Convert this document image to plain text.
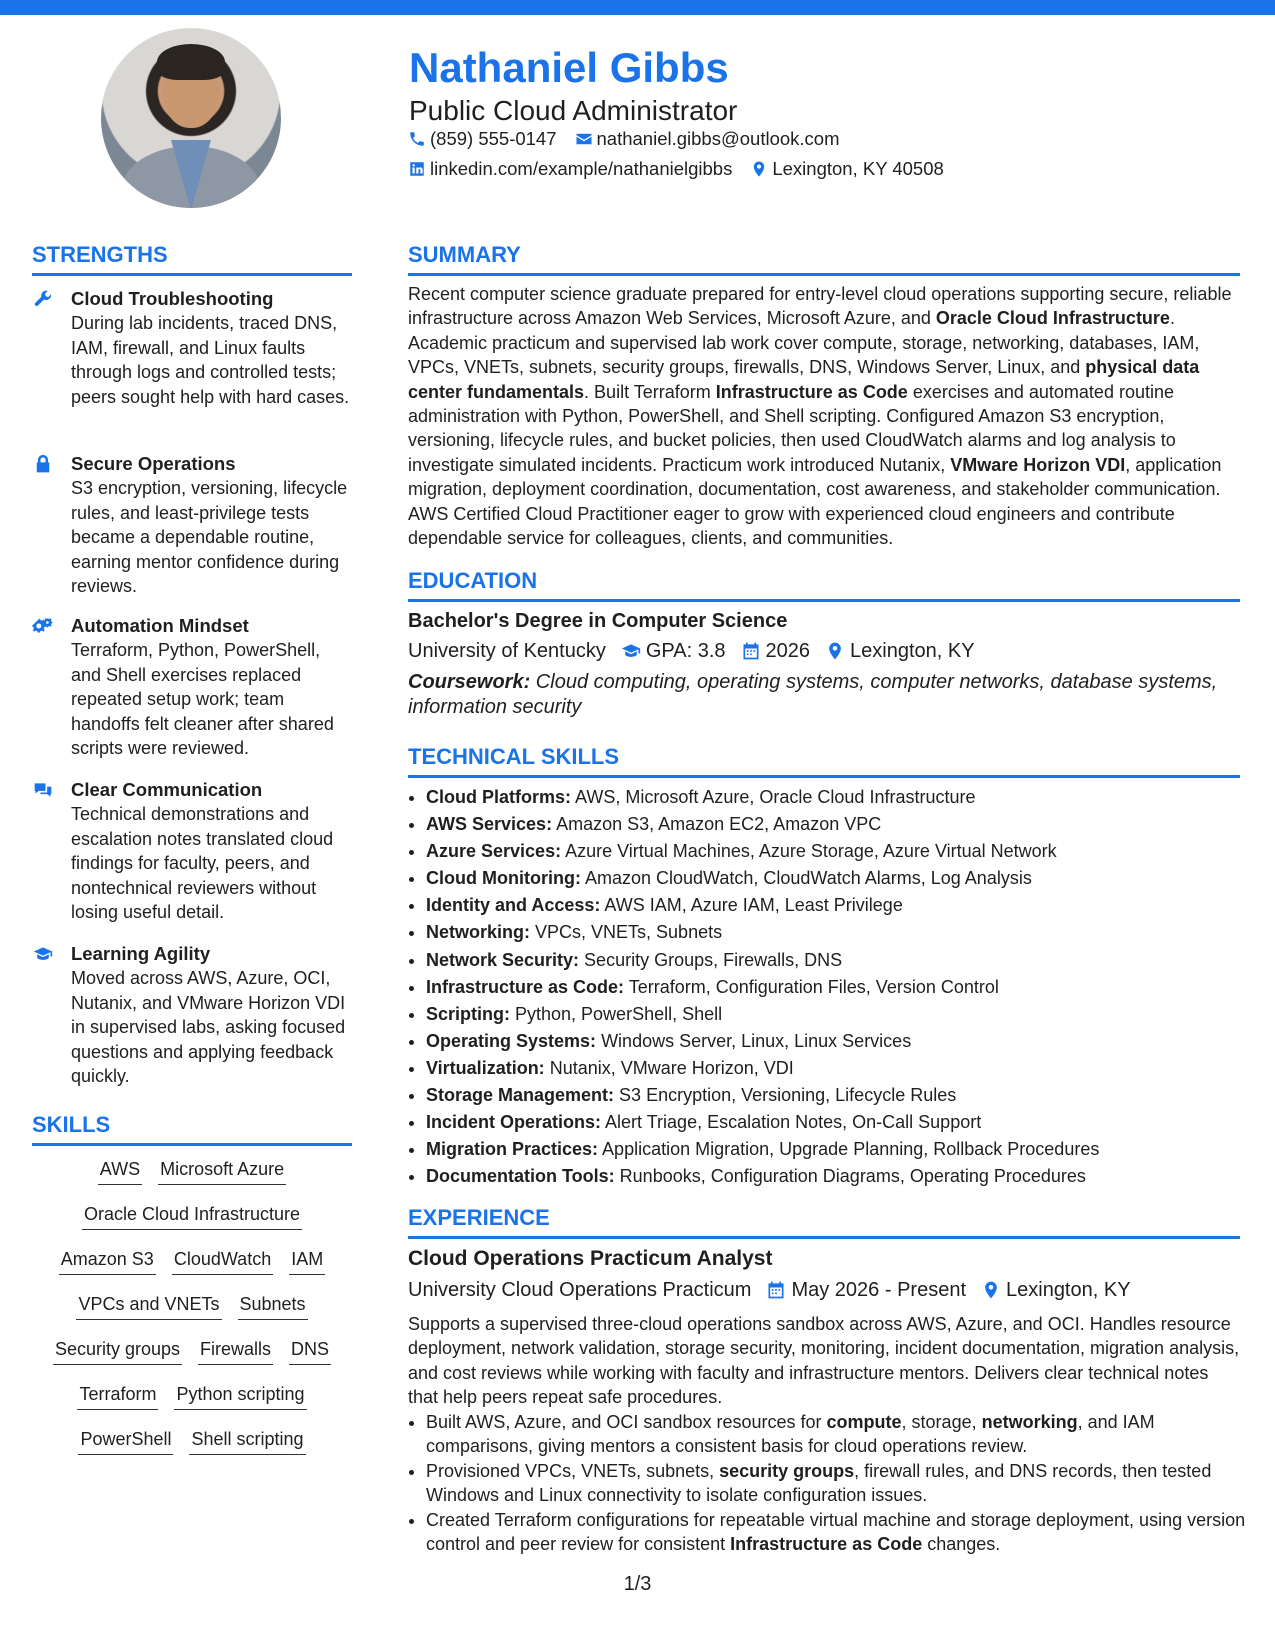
Nathaniel Gibbs
Public Cloud Administrator
(859) 555-0147 nathaniel.gibbs@outlook.com
linkedin.com/example/nathanielgibbs Lexington, KY 40508
STRENGTHS
Cloud Troubleshooting
During lab incidents, traced DNS, IAM, firewall, and Linux faults through logs and controlled tests; peers sought help with hard cases.
Secure Operations
S3 encryption, versioning, lifecycle rules, and least-privilege tests became a dependable routine, earning mentor confidence during reviews.
Automation Mindset
Terraform, Python, PowerShell, and Shell exercises replaced repeated setup work; team handoffs felt cleaner after shared scripts were reviewed.
Clear Communication
Technical demonstrations and escalation notes translated cloud findings for faculty, peers, and nontechnical reviewers without losing useful detail.
Learning Agility
Moved across AWS, Azure, OCI, Nutanix, and VMware Horizon VDI in supervised labs, asking focused questions and applying feedback quickly.
SKILLS
AWS Microsoft Azure
Oracle Cloud Infrastructure
Amazon S3 CloudWatch IAM
VPCs and VNETs Subnets
Security groups Firewalls DNS
Terraform Python scripting
PowerShell Shell scripting
SUMMARY
Recent computer science graduate prepared for entry-level cloud operations supporting secure, reliable infrastructure across Amazon Web Services, Microsoft Azure, and Oracle Cloud Infrastructure. Academic practicum and supervised lab work cover compute, storage, networking, databases, IAM, VPCs, VNETs, subnets, security groups, firewalls, DNS, Windows Server, Linux, and physical data center fundamentals. Built Terraform Infrastructure as Code exercises and automated routine administration with Python, PowerShell, and Shell scripting. Configured Amazon S3 encryption, versioning, lifecycle rules, and bucket policies, then used CloudWatch alarms and log analysis to investigate simulated incidents. Practicum work introduced Nutanix, VMware Horizon VDI, application migration, deployment coordination, documentation, cost awareness, and stakeholder communication. AWS Certified Cloud Practitioner eager to grow with experienced cloud engineers and contribute dependable service for colleagues, clients, and communities.
EDUCATION
Bachelor's Degree in Computer Science
University of Kentucky GPA: 3.8 2026 Lexington, KY
Coursework: Cloud computing, operating systems, computer networks, database systems, information security
TECHNICAL SKILLS
• Cloud Platforms: AWS, Microsoft Azure, Oracle Cloud Infrastructure
• AWS Services: Amazon S3, Amazon EC2, Amazon VPC
• Azure Services: Azure Virtual Machines, Azure Storage, Azure Virtual Network
• Cloud Monitoring: Amazon CloudWatch, CloudWatch Alarms, Log Analysis
• Identity and Access: AWS IAM, Azure IAM, Least Privilege
• Networking: VPCs, VNETs, Subnets
• Network Security: Security Groups, Firewalls, DNS
• Infrastructure as Code: Terraform, Configuration Files, Version Control
• Scripting: Python, PowerShell, Shell
• Operating Systems: Windows Server, Linux, Linux Services
• Virtualization: Nutanix, VMware Horizon, VDI
• Storage Management: S3 Encryption, Versioning, Lifecycle Rules
• Incident Operations: Alert Triage, Escalation Notes, On-Call Support
• Migration Practices: Application Migration, Upgrade Planning, Rollback Procedures
• Documentation Tools: Runbooks, Configuration Diagrams, Operating Procedures
EXPERIENCE
Cloud Operations Practicum Analyst
University Cloud Operations Practicum May 2026 - Present Lexington, KY
Supports a supervised three-cloud operations sandbox across AWS, Azure, and OCI. Handles resource deployment, network validation, storage security, monitoring, incident documentation, migration analysis, and cost reviews while working with faculty and infrastructure mentors. Delivers clear technical notes that help peers repeat safe procedures.
• Built AWS, Azure, and OCI sandbox resources for compute, storage, networking, and IAM comparisons, giving mentors a consistent basis for cloud operations review.
• Provisioned VPCs, VNETs, subnets, security groups, firewall rules, and DNS records, then tested Windows and Linux connectivity to isolate configuration issues.
• Created Terraform configurations for repeatable virtual machine and storage deployment, using version control and peer review for consistent Infrastructure as Code changes.
1/3
